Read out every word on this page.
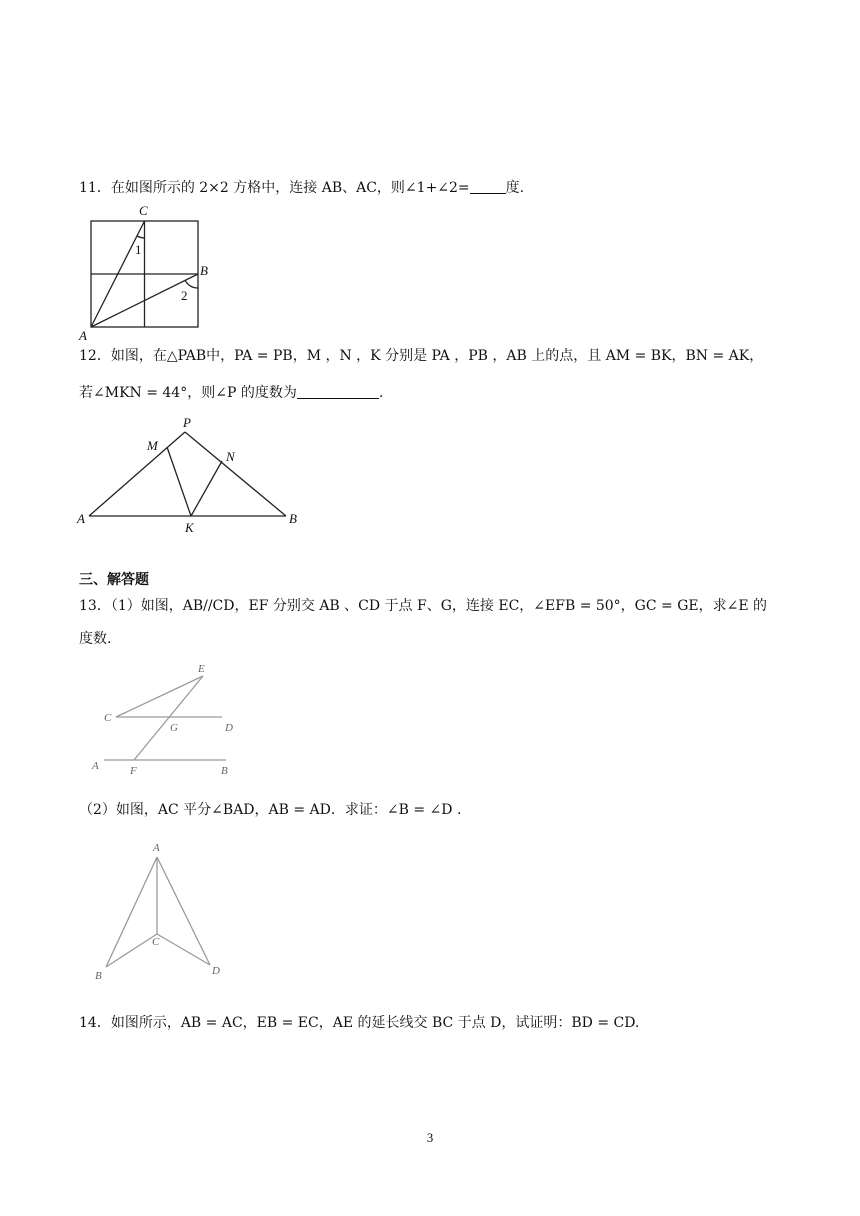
11．在如图所示的 2×2 方格中，连接 AB、AC，则∠1+∠2=	度.
C
B
A
1
2
12．如图，在△PAB中，PA = PB，M ，N ，K 分别是 PA ，PB ，AB 上的点，且 AM = BK，BN = AK，
若∠MKN = 44°，则∠P 的度数为	.
P
M
N
A
K
B
三、解答题
13．（1）如图，AB//CD，EF 分别交 AB 、CD 于点 F、G，连接 EC，∠EFB = 50°，GC = GE，求∠E 的
度数.
E
C
G	D
A	F	B
（2）如图，AC 平分∠BAD，AB = AD．求证：∠B = ∠D .
A
C
B	D
14．如图所示，AB = AC，EB = EC，AE 的延长线交 BC 于点 D，试证明：BD = CD.
3
